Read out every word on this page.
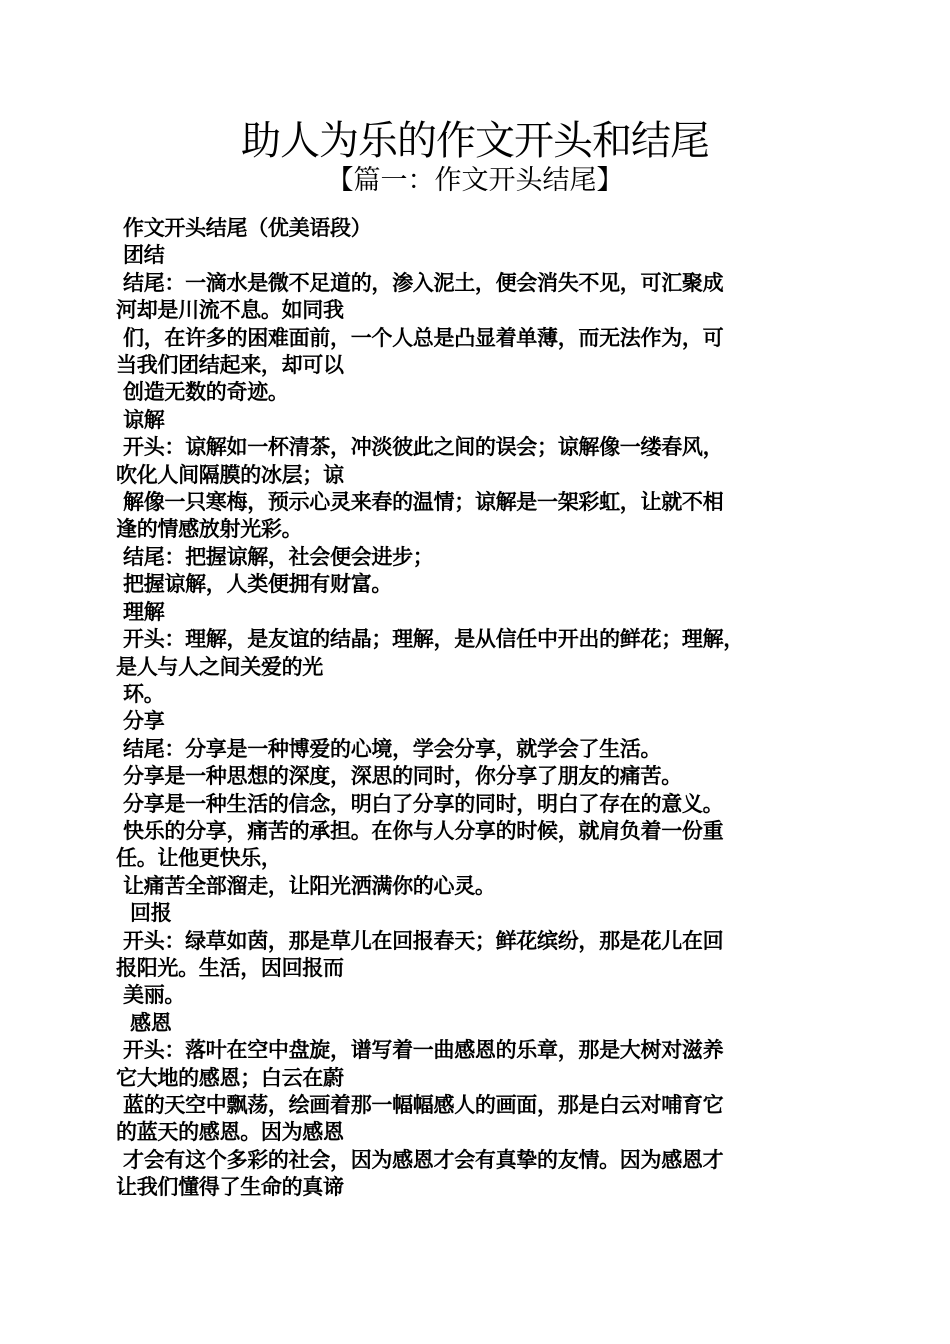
助人为乐的作文开头和结尾
【篇一：作文开头结尾】
作文开头结尾（优美语段）
团结
结尾：一滴水是微不足道的，渗入泥土，便会消失不见，可汇聚成
河却是川流不息。如同我
们，在许多的困难面前，一个人总是凸显着单薄，而无法作为，可
当我们团结起来，却可以
创造无数的奇迹。
谅解
开头：谅解如一杯清茶，冲淡彼此之间的误会；谅解像一缕春风，
吹化人间隔膜的冰层；谅
解像一只寒梅，预示心灵来春的温情；谅解是一架彩虹，让就不相
逢的情感放射光彩。
结尾：把握谅解，社会便会进步；
把握谅解，人类便拥有财富。
理解
开头：理解，是友谊的结晶；理解，是从信任中开出的鲜花；理解，
是人与人之间关爱的光
环。
分享
结尾：分享是一种博爱的心境，学会分享，就学会了生活。
分享是一种思想的深度，深思的同时，你分享了朋友的痛苦。
分享是一种生活的信念，明白了分享的同时，明白了存在的意义。
快乐的分享，痛苦的承担。在你与人分享的时候，就肩负着一份重
任。让他更快乐，
让痛苦全部溜走，让阳光洒满你的心灵。
回报
开头：绿草如茵，那是草儿在回报春天；鲜花缤纷，那是花儿在回
报阳光。生活，因回报而
美丽。
感恩
开头：落叶在空中盘旋，谱写着一曲感恩的乐章，那是大树对滋养
它大地的感恩；白云在蔚
蓝的天空中飘荡，绘画着那一幅幅感人的画面，那是白云对哺育它
的蓝天的感恩。因为感恩
才会有这个多彩的社会，因为感恩才会有真挚的友情。因为感恩才
让我们懂得了生命的真谛
